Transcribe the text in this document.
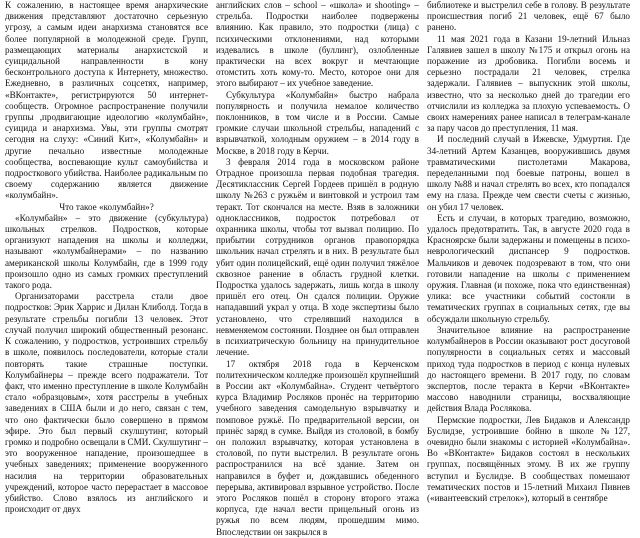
К сожалению, в настоящее время анархические движения представляют достаточно серьезную угрозу, а самым идеи анархизма становятся все более популярной в молодежной среде. Групп, размещающих материалы анархистской и суицидальной направленности в кону бесконтрольного доступа к Интернету, множество. Ежедневно, в различных соцсетях, например, «ВКонтакте», регистрируются 50 интернет-сообществ. Огромное распространение получили группы ,продвигающие идеологию «колумбайн», суицида и анархизма. Увы, эти группы смотрят сегодня на слуху: «Синий Кит», «Колумбайн» и другие печально известные молодежные сообщества, воспевающие культ самоубийства и подросткового убийства. Наиболее радикальным по своему содержанию является движение «колумбайн».

Что такое «колумбайн»?

«Колумбайн» – это движение (субкультура) школьных стрелков. Подростков, которые организуют нападения на школы и колледжи, называют «колумбайнерами» – по названию американской школы Колумбайн, где в 1999 году произошло одно из самых громких преступлений такого рода.

Организаторами расстрела стали двое подростков: Эрик Харрис и Дилан Клиболд. Тогда в результате стрельбы погибли 13 человек. Этот случай получил широкий общественный резонанс. К сожалению, у подростков, устроивших стрельбу в школе, появилось последователи, которые стали повторять такие страшные поступки. Колумбайнеры – прежде всего подражатели. Тот факт, что именно преступление в школе Колумбайн стало «образцовым», хотя расстрелы в учебных заведениях в США были и до него, связан с тем, что оно фактически было совершено в прямом эфире. Это был первый скулшутинг, который громко и подробно освещали в СМИ. Скулшутинг – это вооруженное нападение, произошедшее в учебных заведениях; применение вооруженного насилия на территории образовательных учреждений, которое часто перерастает в массовое убийство. Слово взялось из английского и происходит от двух

английских слов – school – «школа» и shooting» – стрельба. Подростки наиболее подвержены влиянию. Как правило, это подростки (лица) с психическими отклонениями, над которыми издевались в школе (буллинг), озлобленные практически на всех вокруг и мечтающие отомстить хоть кому-то. Место, которое они для этого выбирают – их учебное заведение.

Субкультура «Колумбайн» быстро набрала популярность и получила немалое количество поклонников, в том числе и в России. Самые громкие случаи школьной стрельбы, нападений с взрывчаткой, холодным оружием – в 2014 году в Москве, в 2018 году в Керчи.

3 февраля 2014 года в московском районе Отрадное произошла первая подобная трагедия. Десятиклассник Сергей Гордеев пришёл в родную школу №263 с ружьём и винтовкой и устроил там теракт. Тот скончался на месте. Взяв в заложники одноклассников, подросток потребовал от охранника школы, чтобы тот вызвал полицию. По прибытии сотрудников органов правопорядка школьник начал стрелять и в них. В результате был убит один полицейский, ещё один получил тяжёлое сквозное ранение в область грудной клетки. Подростка удалось задержать, лишь когда в школу пришёл его отец. Он сдался полиции. Оружие нападавший украл у отца. В ходе экспертизы было установлено, что стрелявший находился в невменяемом состоянии. Позднее он был отправлен в психиатрическую больницу на принудительное лечение.

17 октября 2018 года в Керченском политехническом колледже произошёл крупнейший в России акт «Колумбайна». Студент четвёртого курса Владимир Росляков пронёс на территорию учебного заведения самодельную взрывчатку и помповое ружьё. По предварительной версии, он принёс заряд в сумке. Выйдя из столовой, в бомбу он положил взрывчатку, которая установлена в столовой, по пути выстрелил. В результате огонь распространился на всё здание. Затем он направился в буфет и, дождавшись обеденного перерыва, активировал взрывное устройство. После этого Росляков пошёл в сторону второго этажа корпуса, где начал вести прицельный огонь из ружья по всем людям, прошедшим мимо. Впоследствии он закрылся в

библиотеке и выстрелил себе в голову. В результате происшествия погиб 21 человек, ещё 67 было ранено.

11 мая 2021 года в Казани 19-летний Ильназ Галявиев зашел в школу №175 и открыл огонь на поражение из дробовика. Погибли восемь и серьезно пострадали 21 человек, стрелка задержали. Галявиев – выпускник этой школы, известно, что за несколько дней до трагедии его отчислили из колледжа за плохую успеваемость. О своих намерениях ранее написал в телеграм-канале за пару часов до преступления, 11 мая.

И последний случай в Ижевске, Удмуртия. Где 34-летний Артем Казанцев, вооружившись двумя травматическими пистолетами Макарова, переделанными под боевые патроны, вошел в школу №88 и начал стрелять во всех, кто попадался ему на глаза. Прежде чем свести счеты с жизнью, он убил 17 человек.

Есть и случаи, в которых трагедию, возможно, удалось предотвратить. Так, в августе 2020 года в Красноярске были задержаны и помещены в психо-неврологический диспансер 9 подростков. Мальчиков и девочек подозревают в том, что они готовили нападение на школы с применением оружия. Главная (и похоже, пока что единственная) улика: все участники событий состояли в тематических группах в социальных сетях, где вы обсуждали школьную стрельбу.

Значительное влияние на распространение колумбайнеров в России оказывают рост досуговой популярности в социальных сетях и массовый приход туда подростков в период с конца нулевых до настоящего времени. В 2017 году, по словам экспертов, после теракта в Керчи «ВКонтакте» массово наводнили страницы, восхваляющие действия Влада Рослякова.

Пермские подростки, Лев Бидаков и Александр Буслидзе, устроившие бойню в школе №127, очевидно были знакомы с историей «Колумбайна». Во «ВКонтакте» Бидаков состоял в нескольких группах, посвящённых этому. В их же группу вступил и Буслидзе. В сообществах помешают тематических постов и 15-летний Михаил Пивнев («ивантеевский стрелок»), который в сентябре
